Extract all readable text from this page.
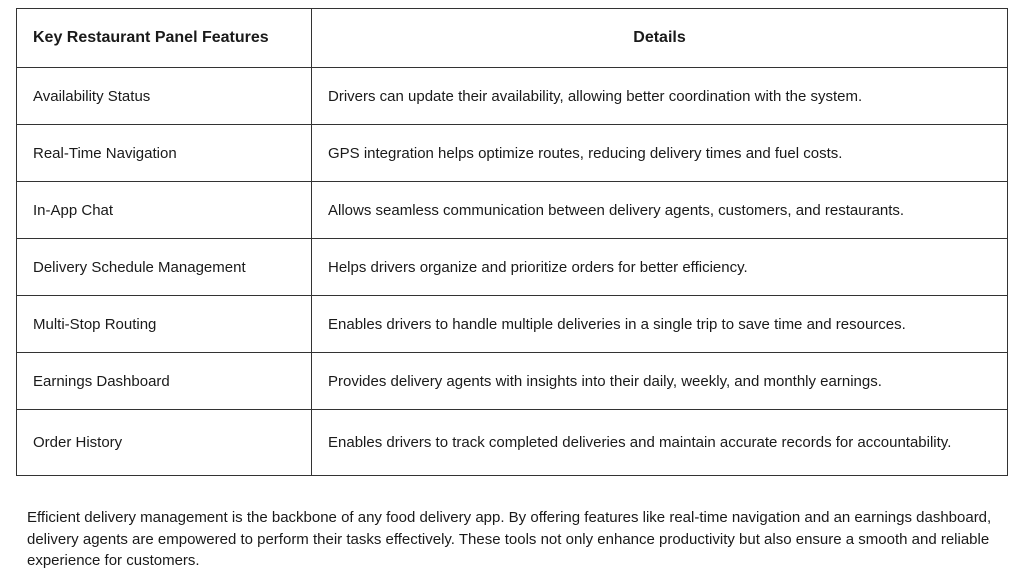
Key Restaurant Panel Features	Details
Availability Status	Drivers can update their availability, allowing better coordination with the system.
Real-Time Navigation	GPS integration helps optimize routes, reducing delivery times and fuel costs.
In-App Chat	Allows seamless communication between delivery agents, customers, and restaurants.
Delivery Schedule Management	Helps drivers organize and prioritize orders for better efficiency.
Multi-Stop Routing	Enables drivers to handle multiple deliveries in a single trip to save time and resources.
Earnings Dashboard	Provides delivery agents with insights into their daily, weekly, and monthly earnings.
Order History	Enables drivers to track completed deliveries and maintain accurate records for accountability.

Efficient delivery management is the backbone of any food delivery app. By offering features like real-time navigation and an earnings dashboard, delivery agents are empowered to perform their tasks effectively. These tools not only enhance productivity but also ensure a smooth and reliable experience for customers.
